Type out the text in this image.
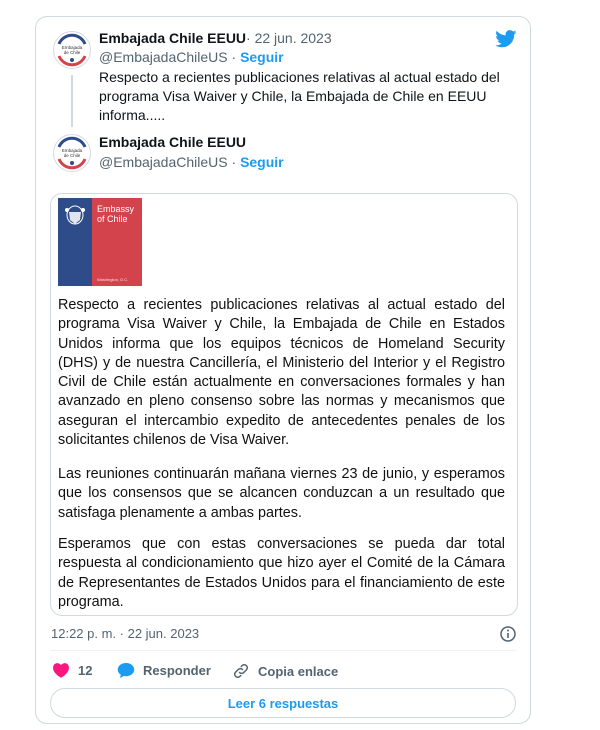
Embajada
de Chile
Embajada Chile EEUU · 22 jun. 2023
@EmbajadaChileUS · Seguir
Respecto a recientes publicaciones relativas al actual estado del programa Visa Waiver y Chile, la Embajada de Chile en EEUU informa.....
Embajada
de Chile
Embajada Chile EEUU
@EmbajadaChileUS · Seguir
Embassy
of Chile
Washington, D.C.

Respecto a recientes publicaciones relativas al actual estado del programa Visa Waiver y Chile, la Embajada de Chile en Estados Unidos informa que los equipos técnicos de Homeland Security (DHS) y de nuestra Cancillería, el Ministerio del Interior y el Registro Civil de Chile están actualmente en conversaciones formales y han avanzado en pleno consenso sobre las normas y mecanismos que aseguran el intercambio expedito de antecedentes penales de los solicitantes chilenos de Visa Waiver.

Las reuniones continuarán mañana viernes 23 de junio, y esperamos que los consensos que se alcancen conduzcan a un resultado que satisfaga plenamente a ambas partes.

Esperamos que con estas conversaciones se pueda dar total respuesta al condicionamiento que hizo ayer el Comité de la Cámara de Representantes de Estados Unidos para el financiamiento de este programa.

12:22 p. m. · 22 jun. 2023
12	Responder	Copia enlace
Leer 6 respuestas
